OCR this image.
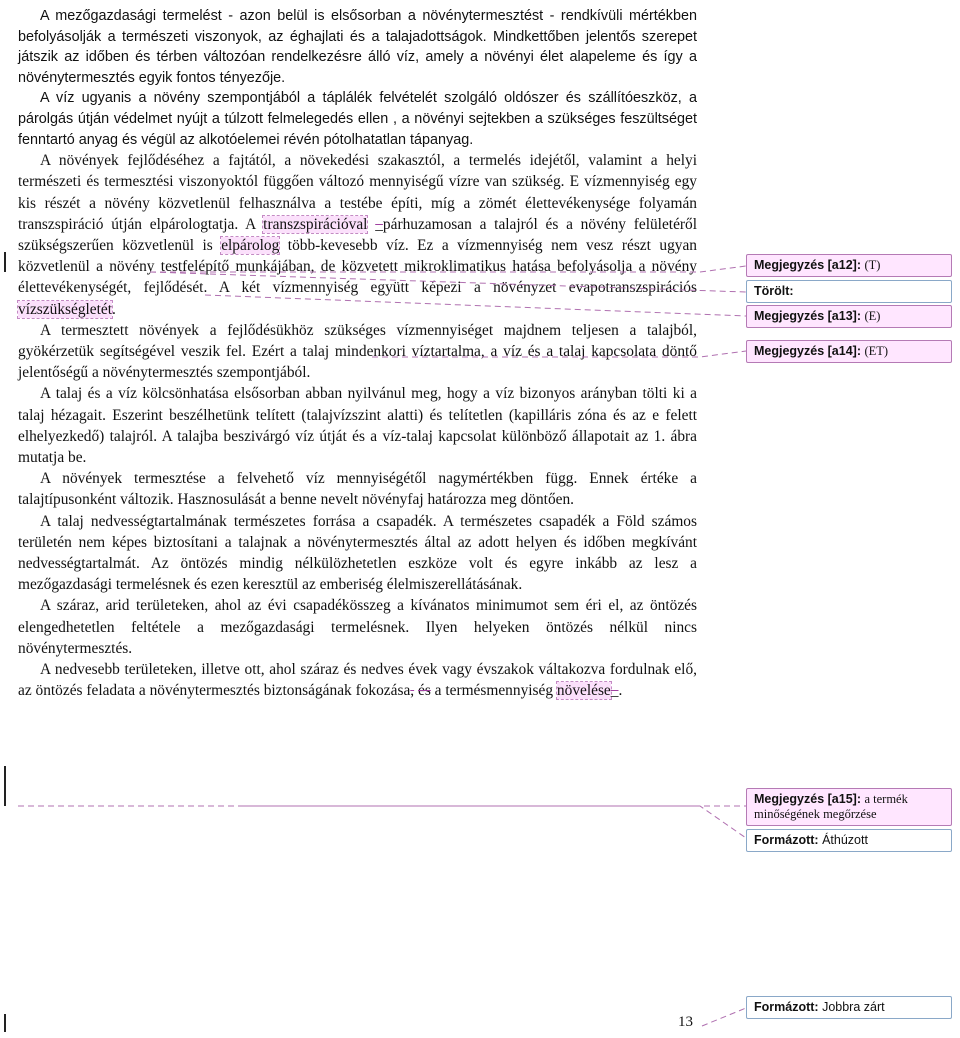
A mezőgazdasági termelést - azon belül is elsősorban a növénytermesztést - rendkívüli mértékben befolyásolják a természeti viszonyok, az éghajlati és a talajadottságok. Mindkettőben jelentős szerepet játszik az időben és térben változóan rendelkezésre álló víz, amely a növényi élet alapeleme és így a növénytermesztés egyik fontos tényezője.

A víz ugyanis a növény szempontjából a táplálék felvételét szolgáló oldószer és szállítóeszköz, a párolgás útján védelmet nyújt a túlzott felmelegedés ellen , a növényi sejtekben a szükséges feszültséget fenntartó anyag és végül az alkotóelemei révén pótolhatatlan tápanyag.

A növények fejlődéséhez a fajtától, a növekedési szakasztól, a termelés idejétől, valamint a helyi természeti és termesztési viszonyoktól függően változó mennyiségű vízre van szükség. E vízmennyiség egy kis részét a növény közvetlenül felhasználva a testébe építi, míg a zömét élettevékenysége folyamán transzspiráció útján elpárologtatja. A transzspirációval _párhuzamosan a talajról és a növény felületéről szükségszerűen közvetlenül is elpárolog több-kevesebb víz. Ez a vízmennyiség nem vesz részt ugyan közvetlenül a növény testfelépítő munkájában, de közvetett mikroklimatikus hatása befolyásolja a növény élettevékenységét, fejlődését. A két vízmennyiség együtt képezi a növényzet evapotranszspirációs vízszükségletét.

A termesztett növények a fejlődésükhöz szükséges vízmennyiséget majdnem teljesen a talajból, gyökérzetük segítségével veszik fel. Ezért a talaj mindenkori víztartalma, a víz és a talaj kapcsolata döntő jelentőségű a növénytermesztés szempontjából.

A talaj és a víz kölcsönhatása elsősorban abban nyilvánul meg, hogy a víz bizonyos arányban tölti ki a talaj hézagait. Eszerint beszélhetünk telített (talajvízszint alatti) és telítetlen (kapilláris zóna és az e felett elhelyezkedő) talajról. A talajba beszivárgó víz útját és a víz-talaj kapcsolat különböző állapotait az 1. ábra mutatja be.

A növények termesztése a felvehető víz mennyiségétől nagymértékben függ. Ennek értéke a talajtípusonként változik. Hasznosulását a benne nevelt növényfaj határozza meg döntően.

A talaj nedvességtartalmának természetes forrása a csapadék. A természetes csapadék a Föld számos területén nem képes biztosítani a talajnak a növénytermesztés által az adott helyen és időben megkívánt nedvességtartalmát. Az öntözés mindig nélkülözhetetlen eszköze volt és egyre inkább az lesz a mezőgazdasági termelésnek és ezen keresztül az emberiség élelmiszerellátásának.

A száraz, arid területeken, ahol az évi csapadékösszeg a kívánatos minimumot sem éri el, az öntözés elengedhetetlen feltétele a mezőgazdasági termelésnek. Ilyen helyeken öntözés nélkül nincs növénytermesztés.

A nedvesebb területeken, illetve ott, ahol száraz és nedves évek vagy évszakok váltakozva fordulnak elő, az öntözés feladata a növénytermesztés biztonságának fokozása, és a termésmennyiség növelése_.

Megjegyzés [a12]: (T)
Törölt:
Megjegyzés [a13]: (E)
Megjegyzés [a14]: (ET)
Megjegyzés [a15]: a termék minőségének megőrzése
Formázott: Áthúzott
Formázott: Jobbra zárt
13
